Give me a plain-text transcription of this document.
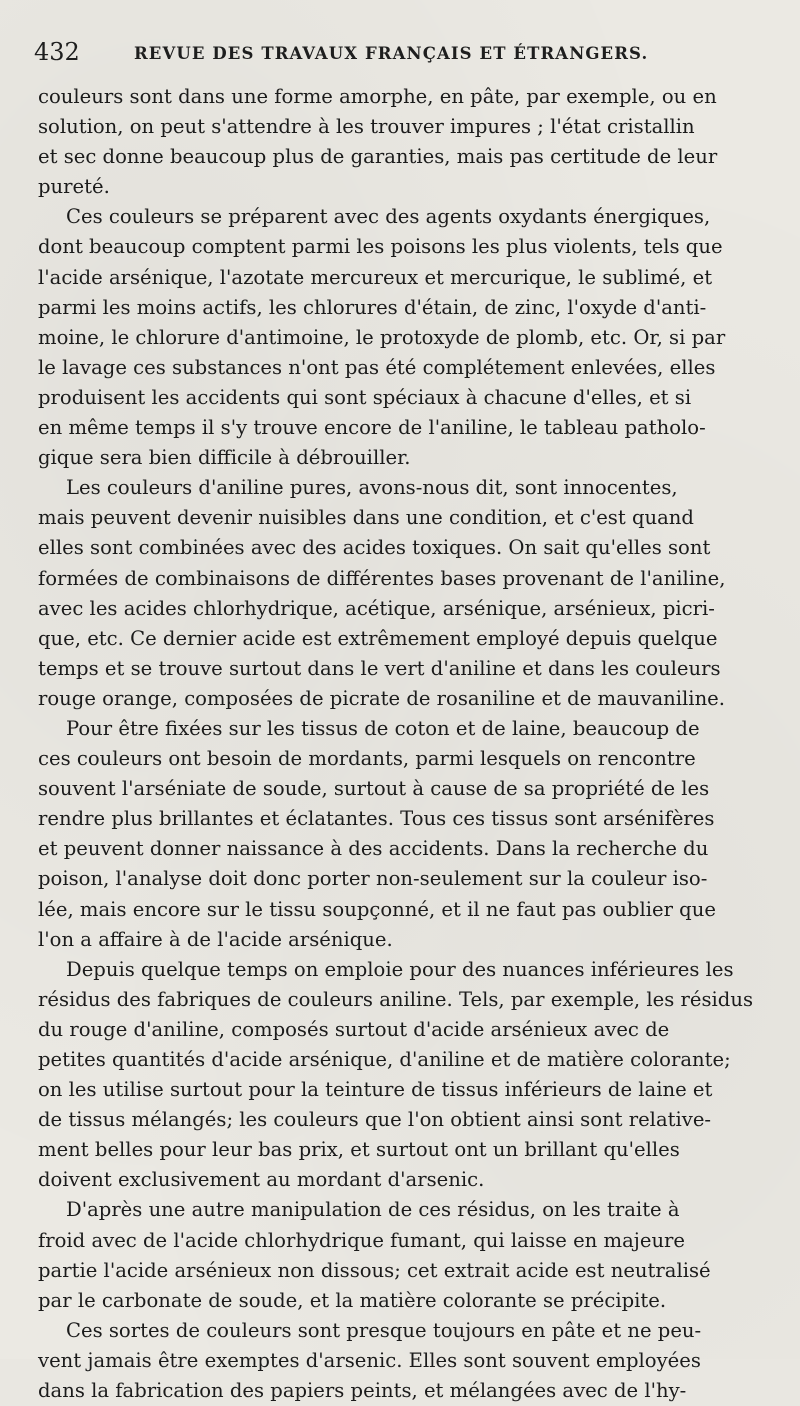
432	REVUE DES TRAVAUX FRANÇAIS ET ÉTRANGERS.
couleurs sont dans une forme amorphe, en pâte, par exemple, ou en
solution, on peut s'attendre à les trouver impures ; l'état cristallin
et sec donne beaucoup plus de garanties, mais pas certitude de leur
pureté.
Ces couleurs se préparent avec des agents oxydants énergiques,
dont beaucoup comptent parmi les poisons les plus violents, tels que
l'acide arsénique, l'azotate mercureux et mercurique, le sublimé, et
parmi les moins actifs, les chlorures d'étain, de zinc, l'oxyde d'anti-
moine, le chlorure d'antimoine, le protoxyde de plomb, etc. Or, si par
le lavage ces substances n'ont pas été complétement enlevées, elles
produisent les accidents qui sont spéciaux à chacune d'elles, et si
en même temps il s'y trouve encore de l'aniline, le tableau patholo-
gique sera bien difficile à débrouiller.
Les couleurs d'aniline pures, avons-nous dit, sont innocentes,
mais peuvent devenir nuisibles dans une condition, et c'est quand
elles sont combinées avec des acides toxiques. On sait qu'elles sont
formées de combinaisons de différentes bases provenant de l'aniline,
avec les acides chlorhydrique, acétique, arsénique, arsénieux, picri-
que, etc. Ce dernier acide est extrêmement employé depuis quelque
temps et se trouve surtout dans le vert d'aniline et dans les couleurs
rouge orange, composées de picrate de rosaniline et de mauvaniline.
Pour être fixées sur les tissus de coton et de laine, beaucoup de
ces couleurs ont besoin de mordants, parmi lesquels on rencontre
souvent l'arséniate de soude, surtout à cause de sa propriété de les
rendre plus brillantes et éclatantes. Tous ces tissus sont arsénifères
et peuvent donner naissance à des accidents. Dans la recherche du
poison, l'analyse doit donc porter non-seulement sur la couleur iso-
lée, mais encore sur le tissu soupçonné, et il ne faut pas oublier que
l'on a affaire à de l'acide arsénique.
Depuis quelque temps on emploie pour des nuances inférieures les
résidus des fabriques de couleurs aniline. Tels, par exemple, les résidus
du rouge d'aniline, composés surtout d'acide arsénieux avec de
petites quantités d'acide arsénique, d'aniline et de matière colorante;
on les utilise surtout pour la teinture de tissus inférieurs de laine et
de tissus mélangés; les couleurs que l'on obtient ainsi sont relative-
ment belles pour leur bas prix, et surtout ont un brillant qu'elles
doivent exclusivement au mordant d'arsenic.
D'après une autre manipulation de ces résidus, on les traite à
froid avec de l'acide chlorhydrique fumant, qui laisse en majeure
partie l'acide arsénieux non dissous; cet extrait acide est neutralisé
par le carbonate de soude, et la matière colorante se précipite.
Ces sortes de couleurs sont presque toujours en pâte et ne peu-
vent jamais être exemptes d'arsenic. Elles sont souvent employées
dans la fabrication des papiers peints, et mélangées avec de l'hy-
